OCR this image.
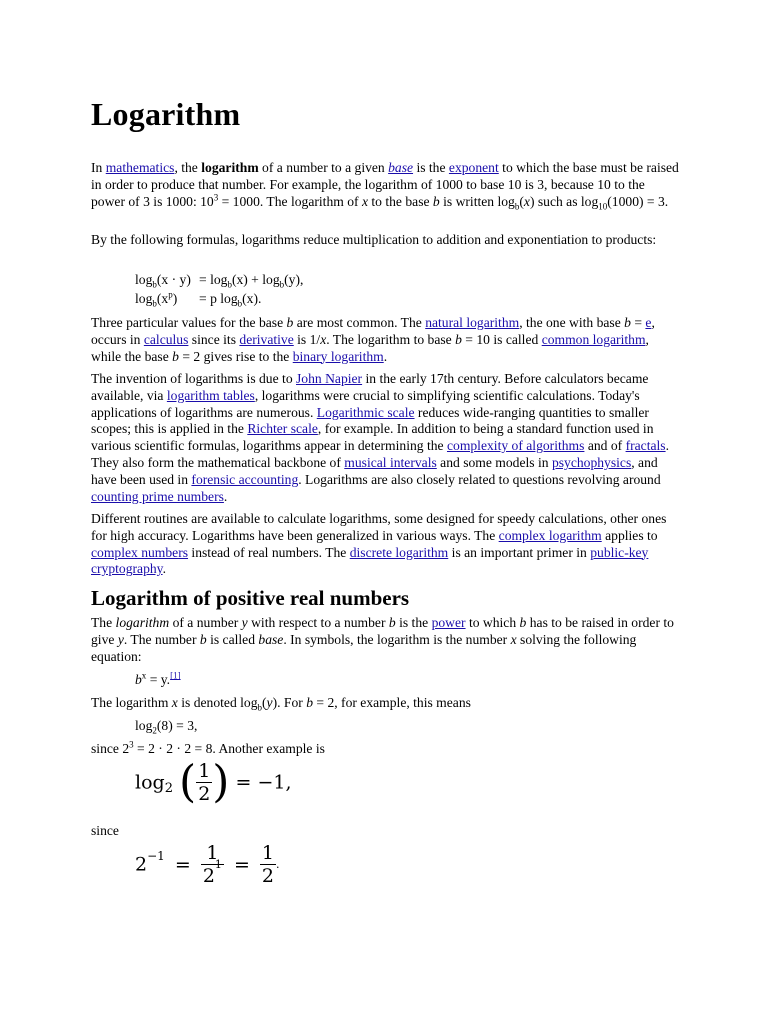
Logarithm

In mathematics, the logarithm of a number to a given base is the exponent to which the base must be raised in order to produce that number. For example, the logarithm of 1000 to base 10 is 3, because 10 to the power of 3 is 1000: $10^3 = 1000$. The logarithm of x to the base b is written $\log_b(x)$ such as $\log_{10}(1000) = 3$.

By the following formulas, logarithms reduce multiplication to addition and exponentiation to products:

$\log_b(x \cdot y) = \log_b(x) + \log_b(y)$,
$\log_b(x^p) = p$ $\log_b(x)$.

Three particular values for the base b are most common. The natural logarithm, the one with base b = e, occurs in calculus since its derivative is 1/x. The logarithm to base b = 10 is called common logarithm, while the base b = 2 gives rise to the binary logarithm.

The invention of logarithms is due to John Napier in the early 17th century. Before calculators became available, via logarithm tables, logarithms were crucial to simplifying scientific calculations. Today's applications of logarithms are numerous. Logarithmic scale reduces wide-ranging quantities to smaller scopes; this is applied in the Richter scale, for example. In addition to being a standard function used in various scientific formulas, logarithms appear in determining the complexity of algorithms and of fractals. They also form the mathematical backbone of musical intervals and some models in psychophysics, and have been used in forensic accounting. Logarithms are also closely related to questions revolving around counting prime numbers.

Different routines are available to calculate logarithms, some designed for speedy calculations, other ones for high accuracy. Logarithms have been generalized in various ways. The complex logarithm applies to complex numbers instead of real numbers. The discrete logarithm is an important primer in public-key cryptography.

Logarithm of positive real numbers

The logarithm of a number y with respect to a number b is the power to which b has to be raised in order to give y. The number b is called base. In symbols, the logarithm is the number x solving the following equation:

$b^x = y.[1]$

The logarithm x is denoted $\log_b(y)$. For b = 2, for example, this means

$\log_2(8) = 3$,

since $2^3 = 2 \cdot 2 \cdot 2 = 8$. Another example is

$\log_2$ ( $\frac{1}{2}$ ) = −1,

since

$2^{-1} = \frac{1}{2^1} = \frac{1}{2}$ .
